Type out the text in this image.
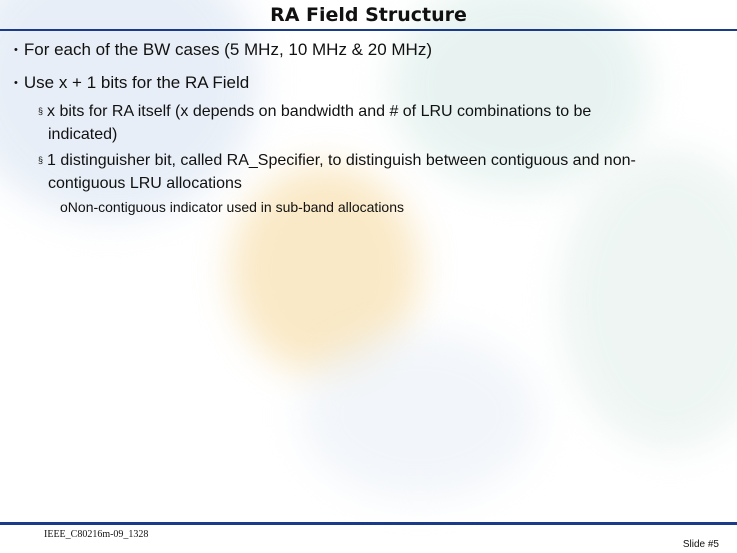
RA Field Structure
• For each of the BW cases (5 MHz, 10 MHz & 20 MHz)
• Use x + 1 bits for the RA Field
§ x bits for RA itself (x depends on bandwidth and # of LRU combinations to be
indicated)
§ 1 distinguisher bit, called RA_Specifier, to distinguish between contiguous and non-
contiguous LRU allocations
oNon-contiguous indicator used in sub-band allocations
IEEE_C80216m-09_1328
Slide #5
